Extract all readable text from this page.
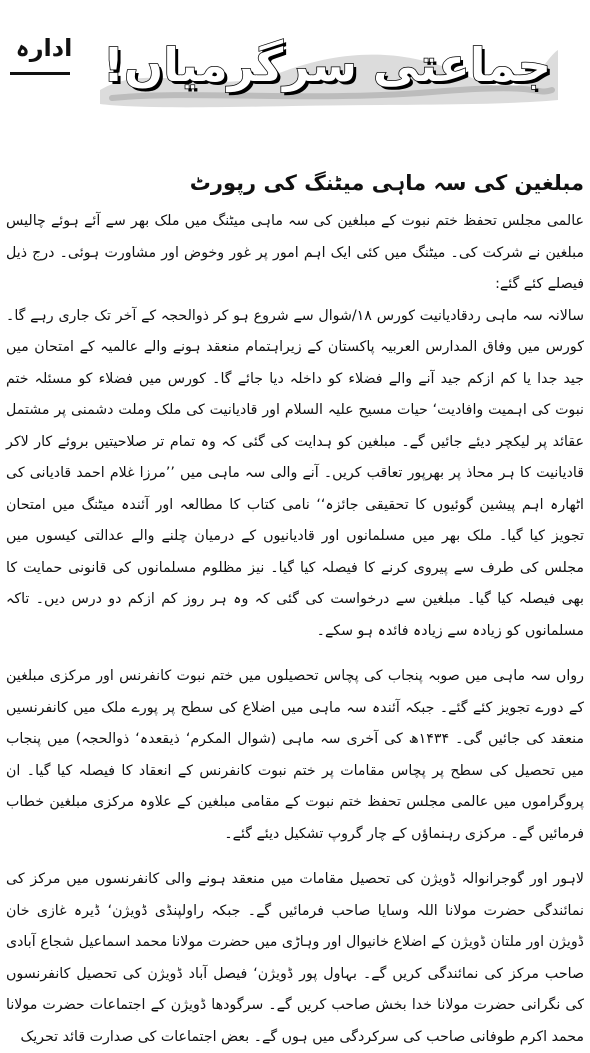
ادارہ جماعتی سرگرمیاں!
مبلغین کی سہ ماہی میٹنگ کی رپورٹ

عالمی مجلس تحفظ ختم نبوت کے مبلغین کی سہ ماہی میٹنگ میں ملک بھر سے آئے ہوئے چالیس مبلغین نے شرکت کی۔ میٹنگ میں کئی ایک اہم امور پر غور وخوض اور مشاورت ہوئی۔ درج ذیل فیصلے کئے گئے:

سالانہ سہ ماہی ردقادیانیت کورس ۱۸/شوال سے شروع ہو کر ذوالحجہ کے آخر تک جاری رہے گا۔ کورس میں وفاق المدارس العربیہ پاکستان کے زیراہتمام منعقد ہونے والے عالمیہ کے امتحان میں جید جدا یا کم ازکم جید آنے والے فضلاء کو داخلہ دیا جائے گا۔ کورس میں فضلاء کو مسئلہ ختم نبوت کی اہمیت وافادیت‘ حیات مسیح علیہ السلام اور قادیانیت کی ملک وملت دشمنی پر مشتمل عقائد پر لیکچر دیئے جائیں گے۔ مبلغین کو ہدایت کی گئی کہ وہ تمام تر صلاحیتیں بروئے کار لاکر قادیانیت کا ہر محاذ پر بھرپور تعاقب کریں۔ آنے والی سہ ماہی میں ’’مرزا غلام احمد قادیانی کی اٹھارہ اہم پیشین گوئیوں کا تحقیقی جائزہ‘‘ نامی کتاب کا مطالعہ اور آئندہ میٹنگ میں امتحان تجویز کیا گیا۔ ملک بھر میں مسلمانوں اور قادیانیوں کے درمیان چلنے والے عدالتی کیسوں میں مجلس کی طرف سے پیروی کرنے کا فیصلہ کیا گیا۔ نیز مظلوم مسلمانوں کی قانونی حمایت کا بھی فیصلہ کیا گیا۔ مبلغین سے درخواست کی گئی کہ وہ ہر روز کم ازکم دو درس دیں۔ تاکہ مسلمانوں کو زیادہ سے زیادہ فائدہ ہو سکے۔

رواں سہ ماہی میں صوبہ پنجاب کی پچاس تحصیلوں میں ختم نبوت کانفرنس اور مرکزی مبلغین کے دورے تجویز کئے گئے۔ جبکہ آئندہ سہ ماہی میں اضلاع کی سطح پر پورے ملک میں کانفرنسیں منعقد کی جائیں گی۔ ۱۴۳۴ھ کی آخری سہ ماہی (شوال المکرم‘ ذیقعدہ‘ ذوالحجہ) میں پنجاب میں تحصیل کی سطح پر پچاس مقامات پر ختم نبوت کانفرنس کے انعقاد کا فیصلہ کیا گیا۔ ان پروگراموں میں عالمی مجلس تحفظ ختم نبوت کے مقامی مبلغین کے علاوہ مرکزی مبلغین خطاب فرمائیں گے۔ مرکزی رہنماؤں کے چار گروپ تشکیل دیئے گئے۔

لاہور اور گوجرانوالہ ڈویژن کی تحصیل مقامات میں منعقد ہونے والی کانفرنسوں میں مرکز کی نمائندگی حضرت مولانا اللہ وسایا صاحب فرمائیں گے۔ جبکہ راولپنڈی ڈویژن‘ ڈیرہ غازی خان ڈویژن اور ملتان ڈویژن کے اضلاع خانیوال اور وہاڑی میں حضرت مولانا محمد اسماعیل شجاع آبادی صاحب مرکز کی نمائندگی کریں گے۔ بہاول پور ڈویژن‘ فیصل آباد ڈویژن کی تحصیل کانفرنسوں کی نگرانی حضرت مولانا خدا بخش صاحب کریں گے۔ سرگودھا ڈویژن کے اجتماعات حضرت مولانا محمد اکرم طوفانی صاحب کی سرکردگی میں ہوں گے۔ بعض اجتماعات کی صدارت قائد تحریک
